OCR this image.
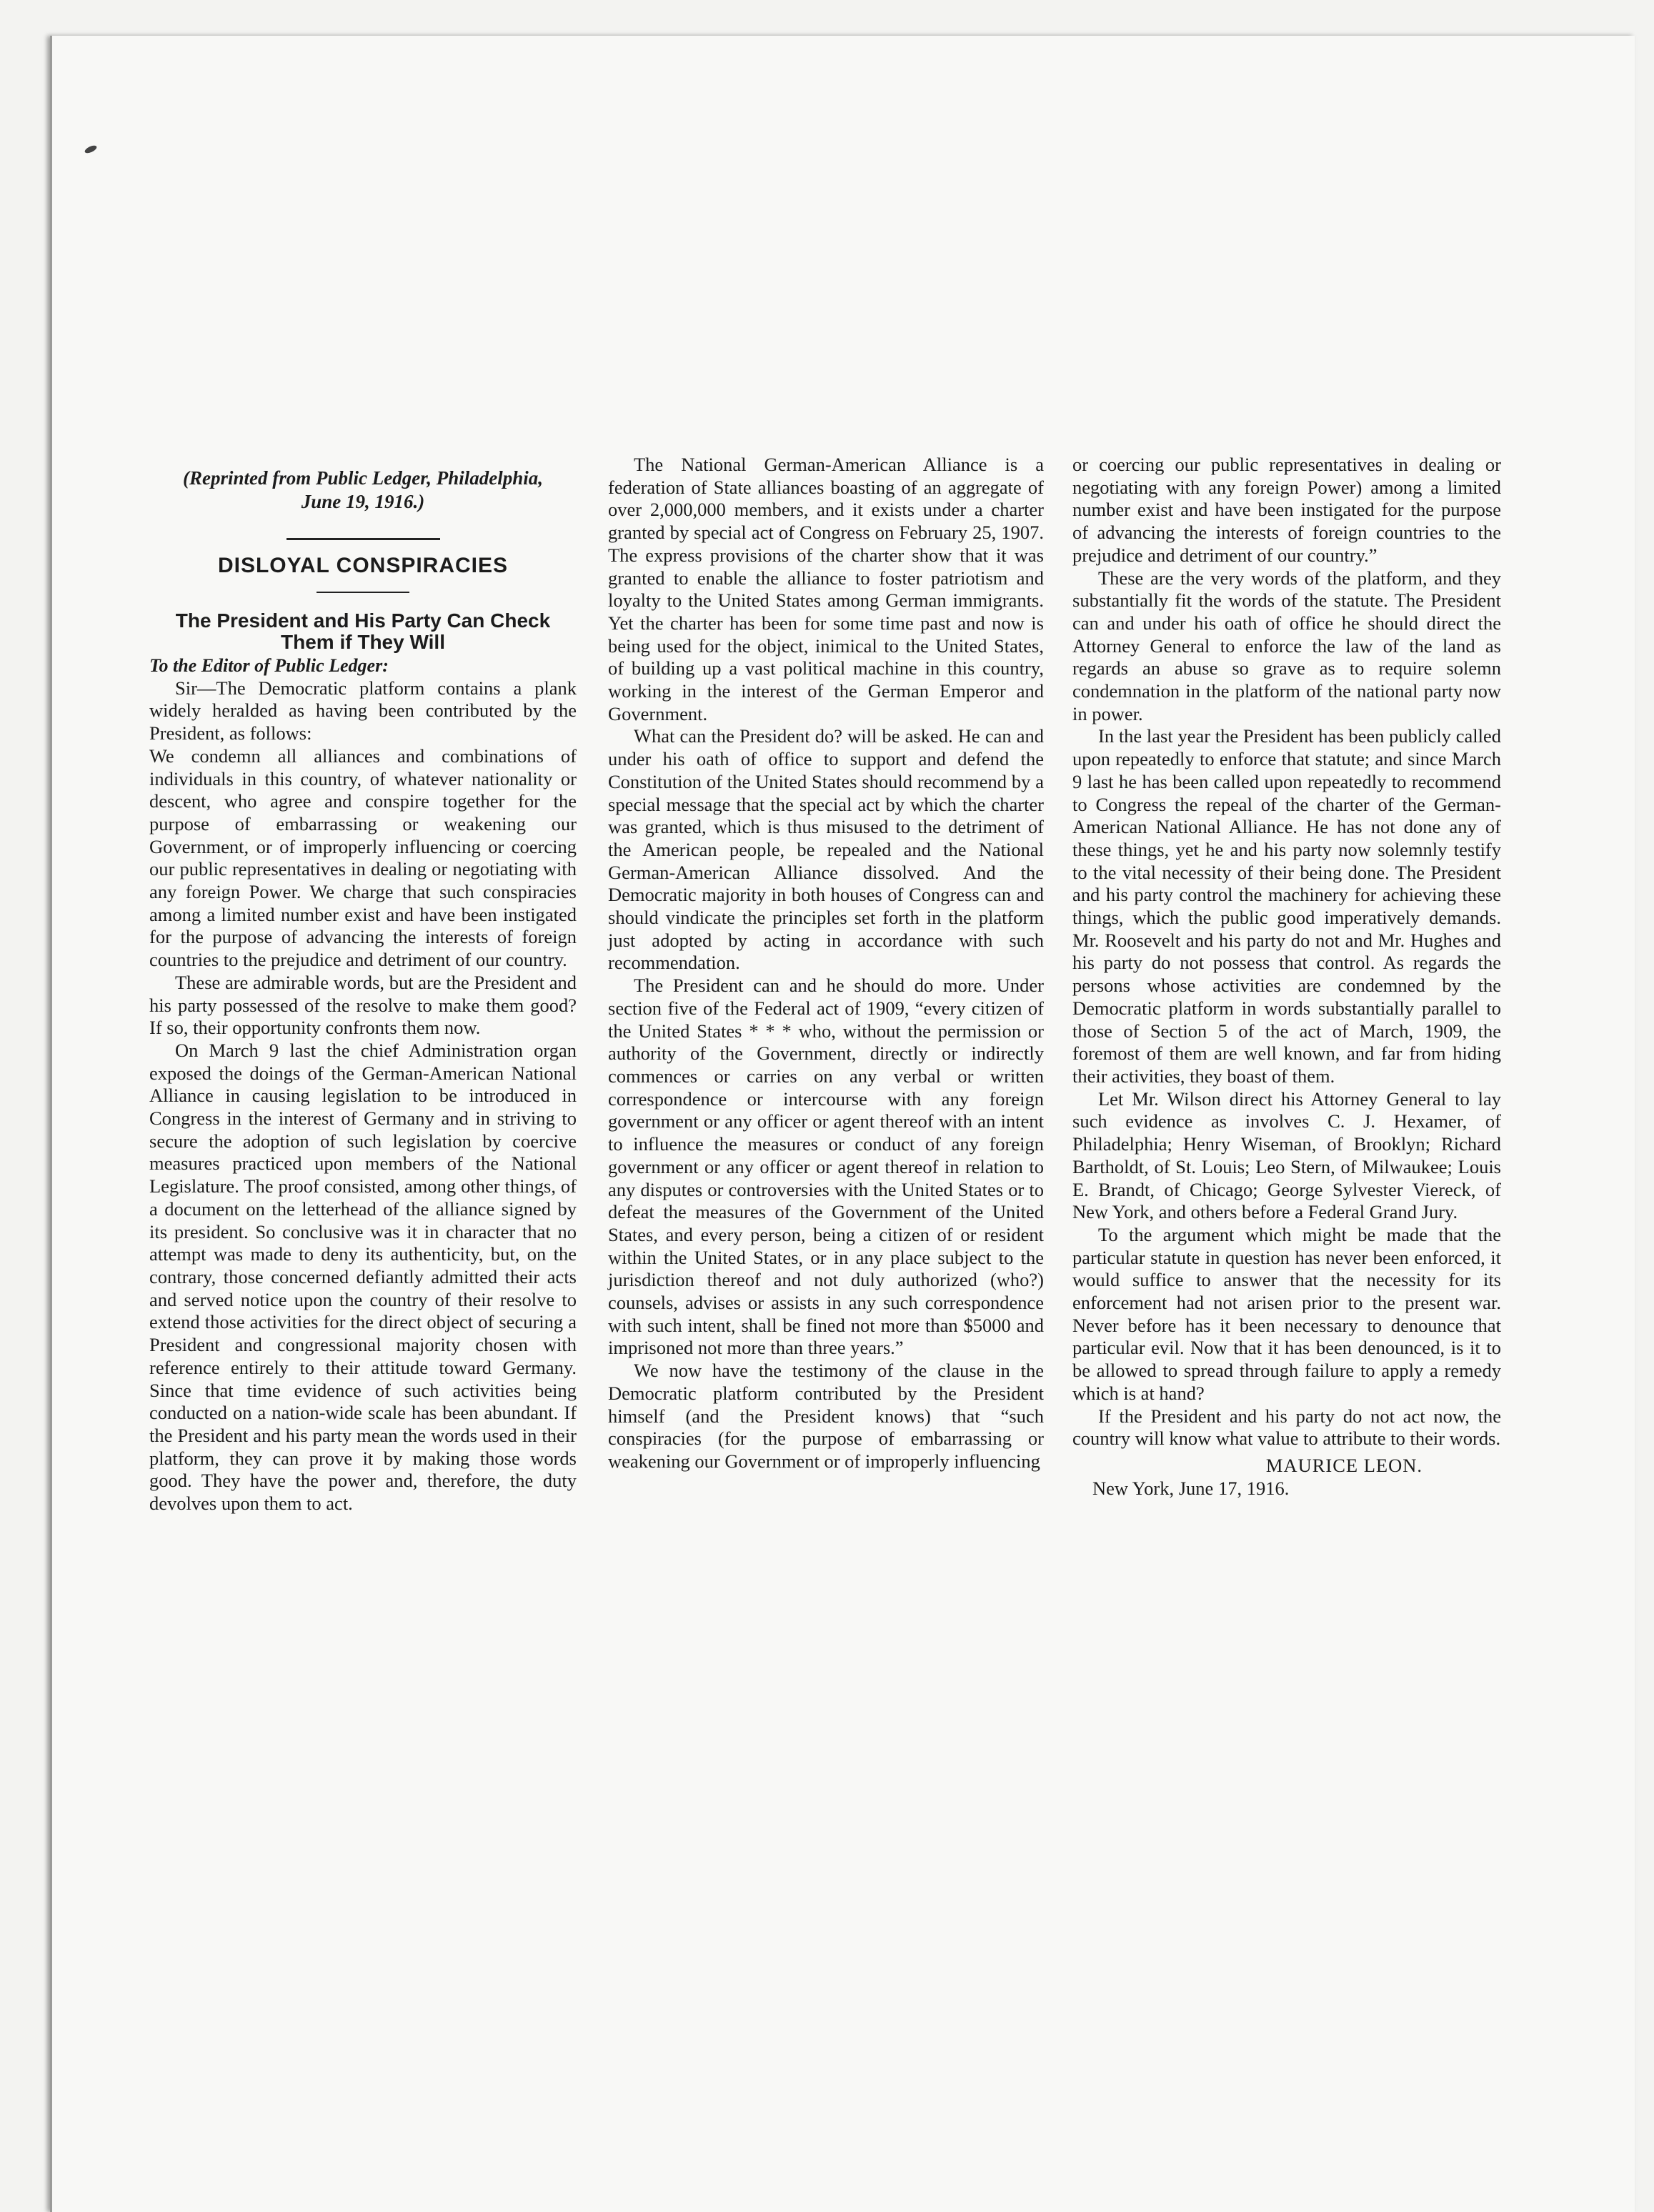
(Reprinted from Public Ledger, Philadelphia, June 19, 1916.)
DISLOYAL CONSPIRACIES
The President and His Party Can Check Them if They Will

To the Editor of Public Ledger:

Sir—The Democratic platform contains a plank widely heralded as having been contributed by the President, as follows:

We condemn all alliances and combinations of individuals in this country, of whatever nationality or descent, who agree and conspire together for the purpose of embarrassing or weakening our Government, or of improperly influencing or coercing our public representatives in dealing or negotiating with any foreign Power. We charge that such conspiracies among a limited number exist and have been instigated for the purpose of advancing the interests of foreign countries to the prejudice and detriment of our country.

These are admirable words, but are the President and his party possessed of the resolve to make them good? If so, their opportunity confronts them now.

On March 9 last the chief Administration organ exposed the doings of the German-American National Alliance in causing legislation to be introduced in Congress in the interest of Germany and in striving to secure the adoption of such legislation by coercive measures practiced upon members of the National Legislature. The proof consisted, among other things, of a document on the letterhead of the alliance signed by its president. So conclusive was it in character that no attempt was made to deny its authenticity, but, on the contrary, those concerned defiantly admitted their acts and served notice upon the country of their resolve to extend those activities for the direct object of securing a President and congressional majority chosen with reference entirely to their attitude toward Germany. Since that time evidence of such activities being conducted on a nation-wide scale has been abundant. If the President and his party mean the words used in their platform, they can prove it by making those words good. They have the power and, therefore, the duty devolves upon them to act.

The National German-American Alliance is a federation of State alliances boasting of an aggregate of over 2,000,000 members, and it exists under a charter granted by special act of Congress on February 25, 1907. The express provisions of the charter show that it was granted to enable the alliance to foster patriotism and loyalty to the United States among German immigrants. Yet the charter has been for some time past and now is being used for the object, inimical to the United States, of building up a vast political machine in this country, working in the interest of the German Emperor and Government.

What can the President do? will be asked. He can and under his oath of office to support and defend the Constitution of the United States should recommend by a special message that the special act by which the charter was granted, which is thus misused to the detriment of the American people, be repealed and the National German-American Alliance dissolved. And the Democratic majority in both houses of Congress can and should vindicate the principles set forth in the platform just adopted by acting in accordance with such recommendation.

The President can and he should do more. Under section five of the Federal act of 1909, “every citizen of the United States * * * who, without the permission or authority of the Government, directly or indirectly commences or carries on any verbal or written correspondence or intercourse with any foreign government or any officer or agent thereof with an intent to influence the measures or conduct of any foreign government or any officer or agent thereof in relation to any disputes or controversies with the United States or to defeat the measures of the Government of the United States, and every person, being a citizen of or resident within the United States, or in any place subject to the jurisdiction thereof and not duly authorized (who?) counsels, advises or assists in any such correspondence with such intent, shall be fined not more than $5000 and imprisoned not more than three years.”

We now have the testimony of the clause in the Democratic platform contributed by the President himself (and the President knows) that “such conspiracies (for the purpose of embarrassing or weakening our Government or of improperly influencing

or coercing our public representatives in dealing or negotiating with any foreign Power) among a limited number exist and have been instigated for the purpose of advancing the interests of foreign countries to the prejudice and detriment of our country.”

These are the very words of the platform, and they substantially fit the words of the statute. The President can and under his oath of office he should direct the Attorney General to enforce the law of the land as regards an abuse so grave as to require solemn condemnation in the platform of the national party now in power.

In the last year the President has been publicly called upon repeatedly to enforce that statute; and since March 9 last he has been called upon repeatedly to recommend to Congress the repeal of the charter of the German-American National Alliance. He has not done any of these things, yet he and his party now solemnly testify to the vital necessity of their being done. The President and his party control the machinery for achieving these things, which the public good imperatively demands. Mr. Roosevelt and his party do not and Mr. Hughes and his party do not possess that control. As regards the persons whose activities are condemned by the Democratic platform in words substantially parallel to those of Section 5 of the act of March, 1909, the foremost of them are well known, and far from hiding their activities, they boast of them.

Let Mr. Wilson direct his Attorney General to lay such evidence as involves C. J. Hexamer, of Philadelphia; Henry Wiseman, of Brooklyn; Richard Bartholdt, of St. Louis; Leo Stern, of Milwaukee; Louis E. Brandt, of Chicago; George Sylvester Viereck, of New York, and others before a Federal Grand Jury.

To the argument which might be made that the particular statute in question has never been enforced, it would suffice to answer that the necessity for its enforcement had not arisen prior to the present war. Never before has it been necessary to denounce that particular evil. Now that it has been denounced, is it to be allowed to spread through failure to apply a remedy which is at hand?

If the President and his party do not act now, the country will know what value to attribute to their words.

MAURICE LEON.

New York, June 17, 1916.
